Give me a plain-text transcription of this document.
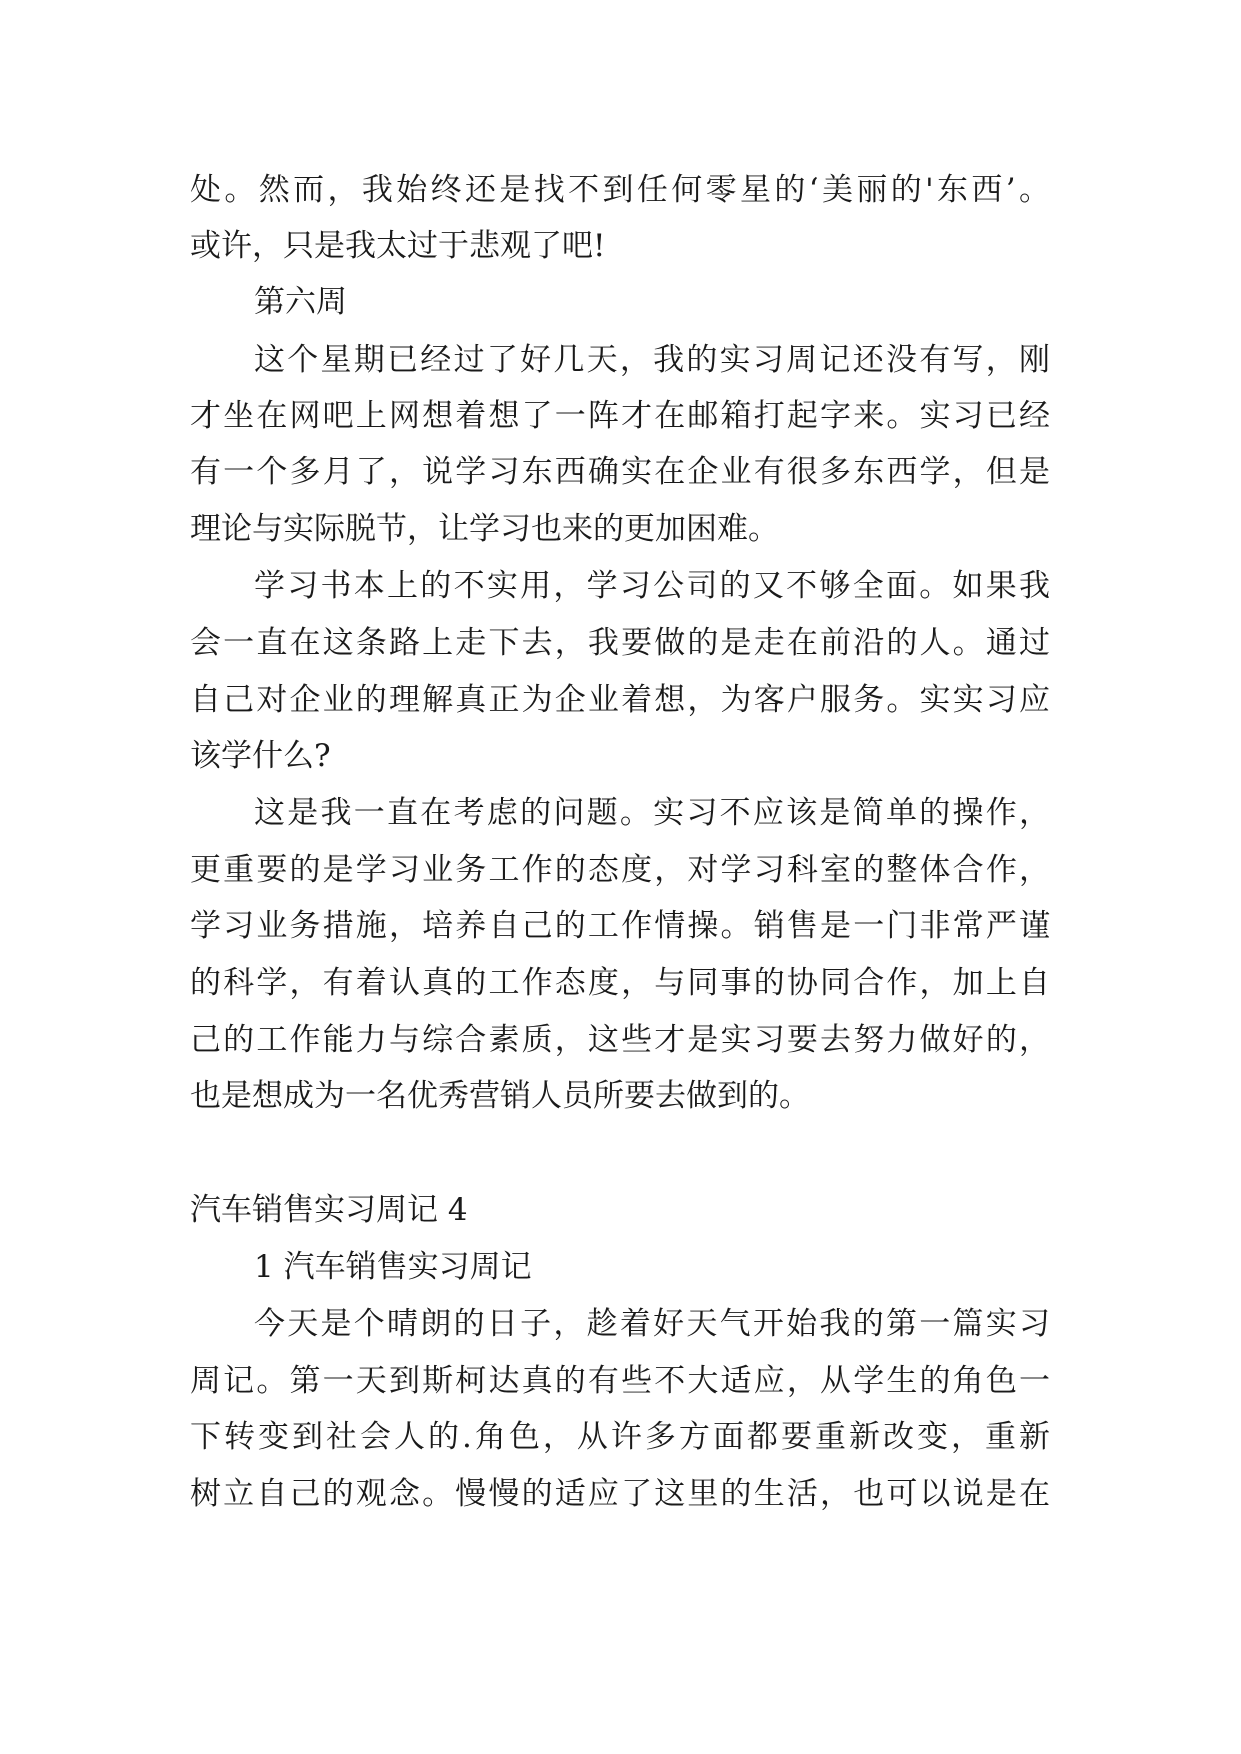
处。然而，我始终还是找不到任何零星的‘美丽的'东西’。
或许，只是我太过于悲观了吧!
第六周
这个星期已经过了好几天，我的实习周记还没有写，刚
才坐在网吧上网想着想了一阵才在邮箱打起字来。实习已经
有一个多月了，说学习东西确实在企业有很多东西学，但是
理论与实际脱节，让学习也来的更加困难。
学习书本上的不实用，学习公司的又不够全面。如果我
会一直在这条路上走下去，我要做的是走在前沿的人。通过
自己对企业的理解真正为企业着想，为客户服务。实实习应
该学什么?
这是我一直在考虑的问题。实习不应该是简单的操作，
更重要的是学习业务工作的态度，对学习科室的整体合作，
学习业务措施，培养自己的工作情操。销售是一门非常严谨
的科学，有着认真的工作态度，与同事的协同合作，加上自
己的工作能力与综合素质，这些才是实习要去努力做好的，
也是想成为一名优秀营销人员所要去做到的。
汽车销售实习周记 4
1 汽车销售实习周记
今天是个晴朗的日子，趁着好天气开始我的第一篇实习
周记。第一天到斯柯达真的有些不大适应，从学生的角色一
下转变到社会人的.角色，从许多方面都要重新改变，重新
树立自己的观念。慢慢的适应了这里的生活，也可以说是在
